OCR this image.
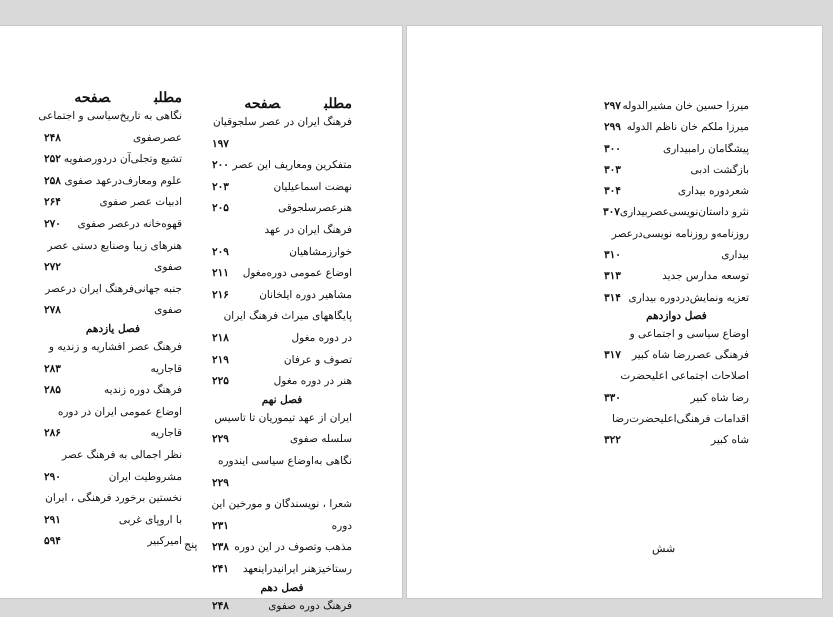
مطلبصفحه
فرهنگ ایران در عصر سلجوقیان
۱۹۷
متفکرین ومعاریف این عصر
۲۰۰
نهضت اسماعیلیان
۲۰۳
هنرعصرسلجوقی
۲۰۵
فرهنگ ایران در عهد
خوارزمشاهیان
۲۰۹
اوضاع عمومی دورەمغول
۲۱۱
مشاهیر دوره ایلخانان
۲۱۶
پایگاههای میراث فرهنگ ایران
در دوره مغول
۲۱۸
تصوف و عرفان
۲۱۹
هنر در دوره مغول
۲۲۵
فصل نهم
ایران از عهد تیموریان تا تاسیس
سلسله صفوی
۲۲۹
نگاهی بەاوضاع سیاسی ایندوره
۲۲۹
شعرا ، نویسندگان و مورخین این
دوره
۲۳۱
مذهب وتصوف در این دوره
۲۳۸
رستاخیزهنر ایرانیدراینعهد
۲۴۱
فصل دهم
فرهنگ دوره صفوی
۲۴۸
مطلبصفحه
نگاهی به تاریخ‌سیاسی و اجتماعی
عصرصفوی
۲۴۸
تشیع وتجلی‌آن دردورصفویه
۲۵۲
علوم ومعارف‌درعهد صفوی
۲۵۸
ادبیات عصر صفوی
۲۶۴
قهوەخانه درعصر صفوی
۲۷۰
هنرهای زیبا وصنایع دستی عصر
صفوی
۲۷۲
جنبه جهانی‌فرهنگ ایران درعصر
صفوی
۲۷۸
فصل یازدهم
فرهنگ عصر افشاریه و زندیه و
قاجاریه
۲۸۳
فرهنگ دوره زندیه
۲۸۵
اوضاع عمومی ایران در دوره
قاجاریه
۲۸۶
نظر اجمالی به فرهنگ عصر
مشروطیت ایران
۲۹۰
نخستین برخورد فرهنگی ، ایران
با اروپای غربی
۲۹۱
امیرکبیر
۵۹۴	پنج
میرزا حسین خان مشیرالدوله
۲۹۷
میرزا ملکم خان ناظم الدوله
۲۹۹
پیشگامان رامبیداری
۳۰۰
بازگشت ادبی
۳۰۳
شعردوره بیداری
۳۰۴
نثرو داستان‌نویسی‌عصربیداری
۳۰۷
روزنامەو روزنامه نویسی‌درعصر
بیداری
۳۱۰
توسعه مدارس جدید
۳۱۳
تعزیه ونمایش‌دردوره بیداری
۳۱۴
فصل دوازدهم
اوضاع سیاسی و اجتماعی و
فرهنگی عصررضا شاه کبیر
۳۱۷
اصلاحات اجتماعی اعلیحضرت
رضا شاه کبیر
۳۳۰
اقدامات فرهنگی‌اعلیحضرت‌رضا
شاه کبیر
۳۲۲
شش
